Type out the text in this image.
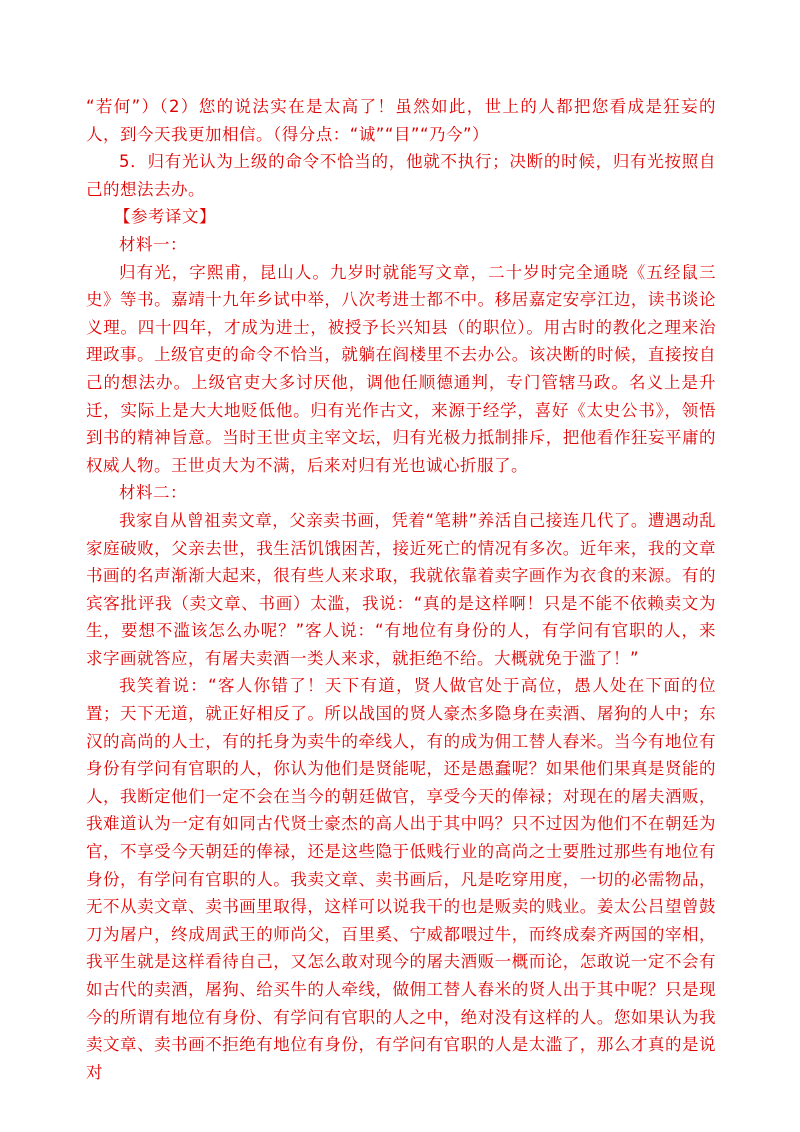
“若何”）（2）您的说法实在是太高了！虽然如此，世上的人都把您看成是狂妄的人，到今天我更加相信。（得分点：“诚”“目”“乃今”）

5．归有光认为上级的命令不恰当的，他就不执行；决断的时候，归有光按照自己的想法去办。

【参考译文】

材料一：

归有光，字熙甫，昆山人。九岁时就能写文章，二十岁时完全通晓《五经鼠三史》等书。嘉靖十九年乡试中举，八次考进士都不中。移居嘉定安亭江边，读书谈论义理。四十四年，才成为进士，被授予长兴知县（的职位）。用古时的教化之理来治理政事。上级官吏的命令不恰当，就躺在阎楼里不去办公。该决断的时候，直接按自己的想法办。上级官吏大多讨厌他，调他任顺德通判，专门管辖马政。名义上是升迁，实际上是大大地贬低他。归有光作古文，来源于经学，喜好《太史公书》，领悟到书的精神旨意。当时王世贞主宰文坛，归有光极力抵制排斥，把他看作狂妄平庸的权威人物。王世贞大为不满，后来对归有光也诚心折服了。

材料二：

我家自从曾祖卖文章，父亲卖书画，凭着“笔耕”养活自己接连几代了。遭遇动乱家庭破败，父亲去世，我生活饥饿困苦，接近死亡的情况有多次。近年来，我的文章书画的名声渐渐大起来，很有些人来求取，我就依靠着卖字画作为衣食的来源。有的宾客批评我（卖文章、书画）太滥，我说：“真的是这样啊！只是不能不依赖卖文为生，要想不滥该怎么办呢？”客人说：“有地位有身份的人，有学问有官职的人，来求字画就答应，有屠夫卖酒一类人来求，就拒绝不给。大概就免于滥了！”

我笑着说：“客人你错了！天下有道，贤人做官处于高位，愚人处在下面的位置；天下无道，就正好相反了。所以战国的贤人豪杰多隐身在卖酒、屠狗的人中；东汉的高尚的人士，有的托身为卖牛的牵线人，有的成为佣工替人舂米。当今有地位有身份有学问有官职的人，你认为他们是贤能呢，还是愚蠢呢？如果他们果真是贤能的人，我断定他们一定不会在当今的朝廷做官，享受今天的俸禄；对现在的屠夫酒贩，我难道认为一定有如同古代贤士豪杰的高人出于其中吗？只不过因为他们不在朝廷为官，不享受今天朝廷的俸禄，还是这些隐于低贱行业的高尚之士要胜过那些有地位有身份，有学问有官职的人。我卖文章、卖书画后，凡是吃穿用度，一切的必需物品，无不从卖文章、卖书画里取得，这样可以说我干的也是贩卖的贱业。姜太公吕望曾鼓刀为屠户，终成周武王的师尚父，百里奚、宁威都喂过牛，而终成秦齐两国的宰相，我平生就是这样看待自己，又怎么敢对现今的屠夫酒贩一概而论，怎敢说一定不会有如古代的卖酒，屠狗、给买牛的人牵线，做佣工替人舂米的贤人出于其中呢？只是现今的所谓有地位有身份、有学问有官职的人之中，绝对没有这样的人。您如果认为我卖文章、卖书画不拒绝有地位有身份，有学问有官职的人是太滥了，那么才真的是说对
